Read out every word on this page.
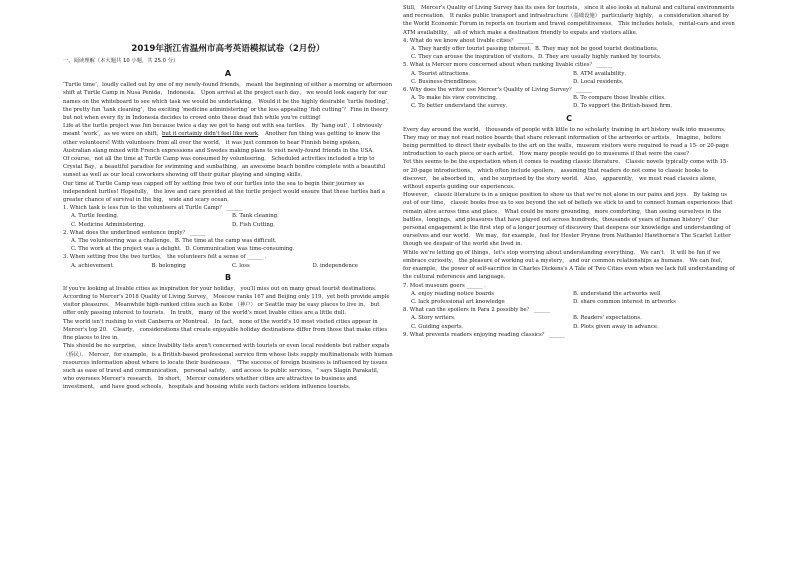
2019年浙江省温州市高考英语模拟试卷（2月份）
一、阅读理解（本大题共 10 小题，共 25.0 分）
A

‘Turtle time’，loudly called out by one of my newly-found friends， meant the beginning of either a morning or afternoon shift at Turtle Camp in Nusa Penida， Indonesia． Upon arrival at the project each day， we would look eagerly for our names on the whiteboard to see which task we would be undertaking． Would it be the highly desirable ‘turtle feeding’，the pretty fun ‘tank cleaning’，the exciting ‘medicine administering’ or the less appealing ‘fish cutting’？ Fine in theory but not when every fly in Indonesia decides to crowd onto these dead fish while you're cutting!

Life at the turtle project was fun because twice a day we got to hang out with sea turtles． By ‘hang out’，I obviously meant ‘work’，as we were on shift，but it certainly didn't feel like work． Another fun thing was getting to know the other volunteers! With volunteers from all over the world， it was just common to hear Finnish being spoken， Australian slang mixed with French expressions and Swedes making plans to visit newly-found friends in the USA．

Of course，not all the time at Turtle Camp was consumed by volunteering． Scheduled activities included a trip to Crystal Bay，a beautiful paradise for swimming and sunbathing，an awesome beach bonfire complete with a beautiful sunset as well as our local coworkers showing off their guitar playing and singing skills．

Our time at Turtle Camp was capped off by setting free two of our turtles into the sea to begin their journey as independent turtles! Hopefully， the love and care provided at the turtle project would ensure that these turtles had a greater chance of survival in the big， wide and scary ocean．

1. Which task is less fun to the volunteers at Turtle Camp？ ______
A. Turtle feeding．	B. Tank cleaning．
C. Medicine Administering．	D. Fish Cutting．
2. What does the underlined sentence imply？ ______
A. The volunteering was a challenge． B. The time at the camp was difficult．
C. The work at the project was a delight． D. Communication was time-consuming．
3. When setting free the two turtles， the volunteers felt a sense of ______ ．
A. achievement	B. belonging	C. loss	D. independence
B

If you're looking at livable cities as inspiration for your holiday， you'll miss out on many great tourist destinations． According to Mercer's 2018 Quality of Living Survey， Moscow ranks 167 and Beijing only 119，yet both provide ample visitor pleasures． Meanwhile high-ranked cities such as Kobe （神户） or Seattle may be easy places to live in， but offer only passing interest to tourists． In truth， many of the world's most livable cities are a little dull．

The world isn't rushing to visit Canberra or Montreal． In fact， none of the world's 10 most visited cities appear in Mercer's top 20． Clearly， considerations that create enjoyable holiday destinations differ from those that make cities fine places to live in．

This should be no surprise， since livability lists aren't concerned with tourists or even local residents but rather expats（侨民）． Mercer，for example，is a British-based professional service firm whose lists supply multinationals with human resources information about where to locate their businesses． "The success of foreign business is influenced by issues such as ease of travel and communication， personal safety， and access to public services，" says Slagin Parakatil，who oversees Mercer's research． In short， Mercer considers whether cities are attractive to business and investment， and have good schools， hospitals and housing while such factors seldom influence tourists．

Still， Mercer's Quality of Living Survey has its uses for tourists， since it also looks at natural and cultural environments and recreation． It ranks public transport and infrastructure（基础设施） particularly highly， a consideration shared by the World Economic Forum in reports on tourism and travel competitiveness． This includes hotels， rental-cars and even ATM availability， all of which make a destination friendly to expats and visitors alike．

4. What do we know about livable cities？ ______
A. They hardly offer tourist passing interest． B. They may not be good tourist destinations．
C. They can arouse the inspiration of visitors． D. They are usually highly ranked by tourists．
5. What is Mercer more concerned about when ranking livable cities？ ______
A. Tourist attractions．	B. ATM availability．
C. Business-friendliness．	D. Local residents．
6. Why does the writer use Mercer's Quality of Living Survey？ ______
A. To make his view convincing．	B. To compare those livable cities．
C. To better understand the survey．	D. To support the British-based firm．
C

Every day around the world， thousands of people with little to no scholarly training in art history walk into museums． They may or may not read notice boards that share relevant information of the artworks or artists． Imagine，before being permitted to direct their eyeballs to the art on the walls，museum visitors were required to read a 15- or 20-page introduction to each piece or each artist． How many people would go to museums if that were the case?

Yet this seems to be the expectation when it comes to reading classic literature． Classic novels typically come with 15- or 20-page introductions， which often include spoilers， assuming that readers do not come to classic books to discover， be absorbed in， and be surprised by the story world． Also， apparently， we must read classics alone， without experts guiding our experiences．

However， classic literature is in a unique position to show us that we're not alone in our pains and joys． By taking us out of our time， classic books free us to see beyond the set of beliefs we stick to and to connect human experiences that remain alive across time and place． What could be more grounding，more comforting，than seeing ourselves in the battles，longings，and pleasures that have played out across hundreds，thousands of years of human history？ Our personal engagement is the first step of a longer journey of discovery that deepens our knowledge and understanding of ourselves and our world． We may，for example，feel for Hester Prynne from Nathaniel Hawthorne's The Scarlet Letter though we despair of the world she lived in．

While we're letting go of things，let's stop worrying about understanding everything． We can't． It will be fun if we embrace curiosity， the pleasure of working out a mystery， and our common relationships as humans． We can feel， for example，the power of self-sacrifice in Charles Dickens's A Tale of Two Cities even when we lack full understanding of the cultural references and language．

7. Most museum goers ______ ．
A. enjoy reading notice boards	B. understand the artworks well
C. lack professional art knowledge	D. share common interest in artworks
8. What can the spoilers in Para 2 possibly be？ ______
A. Story writers．	B. Readers' expectations．
C. Guiding experts．	D. Plots given away in advance．
9. What prevents readers enjoying reading classics？ ______
